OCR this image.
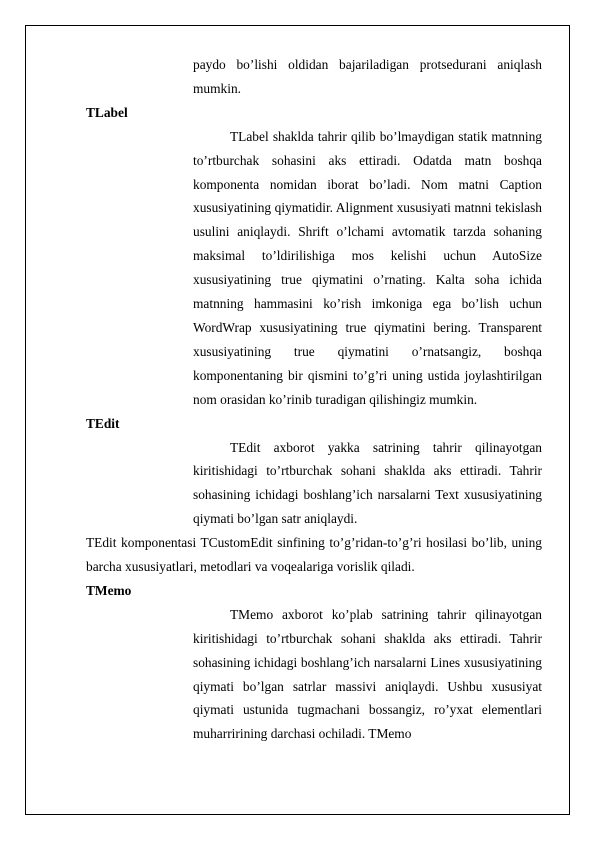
paydo bo’lishi oldidan bajariladigan protsedurani aniqlash mumkin.

TLabel

TLabel shaklda tahrir qilib bo’lmaydigan statik matnning to’rtburchak sohasini aks ettiradi. Odatda matn boshqa komponenta nomidan iborat bo’ladi. Nom matni Caption xususiyatining qiymatidir. Alignment xususiyati matnni tekislash usulini aniqlaydi. Shrift o’lchami avtomatik tarzda sohaning maksimal to’ldirilishiga mos kelishi uchun AutoSize xususiyatining true qiymatini o’rnating. Kalta soha ichida matnning hammasini ko’rish imkoniga ega bo’lish uchun WordWrap xususiyatining true qiymatini bering. Transparent xususiyatining true qiymatini o’rnatsangiz, boshqa komponentaning bir qismini to’g’ri uning ustida joylashtirilgan nom orasidan ko’rinib turadigan qilishingiz mumkin.

TEdit

TEdit axborot yakka satrining tahrir qilinayotgan kiritishidagi to’rtburchak sohani shaklda aks ettiradi. Tahrir sohasining ichidagi boshlang’ich narsalarni Text xususiyatining qiymati bo’lgan satr aniqlaydi.

TEdit komponentasi TCustomEdit sinfining to’g’ridan-to’g’ri hosilasi bo’lib, uning barcha xususiyatlari, metodlari va voqealariga vorislik qiladi.

TMemo

TMemo axborot ko’plab satrining tahrir qilinayotgan kiritishidagi to’rtburchak sohani shaklda aks ettiradi. Tahrir sohasining ichidagi boshlang’ich narsalarni Lines xususiyatining qiymati bo’lgan satrlar massivi aniqlaydi. Ushbu xususiyat qiymati ustunida tugmachani bossangiz, ro’yxat elementlari muharririning darchasi ochiladi. TMemo
